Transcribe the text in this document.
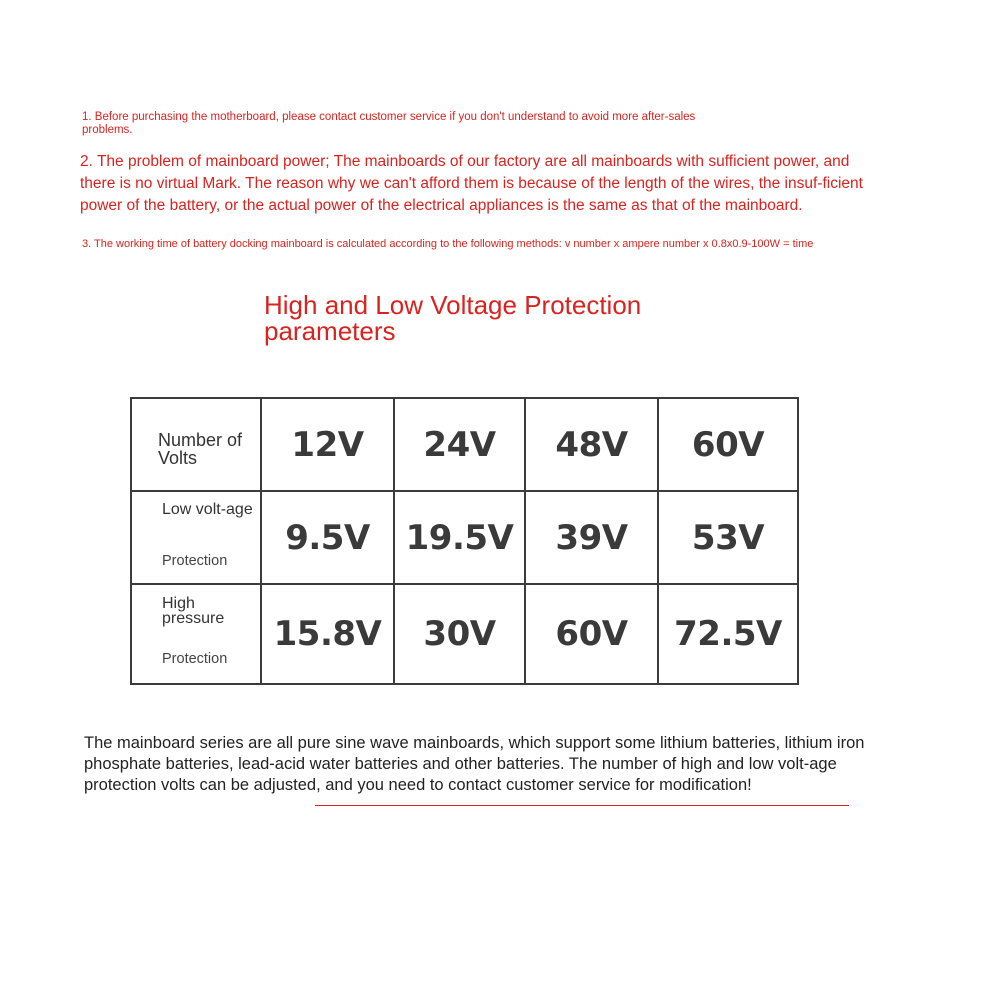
1. Before purchasing the motherboard, please contact customer service if you don't understand to avoid more after-sales problems.

2. The problem of mainboard power; The mainboards of our factory are all mainboards with sufficient power, and there is no virtual Mark. The reason why we can't afford them is because of the length of the wires, the insuf-ficient power of the battery, or the actual power of the electrical appliances is the same as that of the mainboard.

3. The working time of battery docking mainboard is calculated according to the following methods: v number x ampere number x 0.8x0.9-100W = time

High and Low Voltage Protection parameters
Number of Volts	12V	24V	48V	60V

Low volt-age
Protection	9.5V	19.5V	39V	53V

High pressure
Protection	15.8V	30V	60V	72.5V

The mainboard series are all pure sine wave mainboards, which support some lithium batteries, lithium iron phosphate batteries, lead-acid water batteries and other batteries. The number of high and low volt-age protection volts can be adjusted, and you need to contact customer service for modification!
